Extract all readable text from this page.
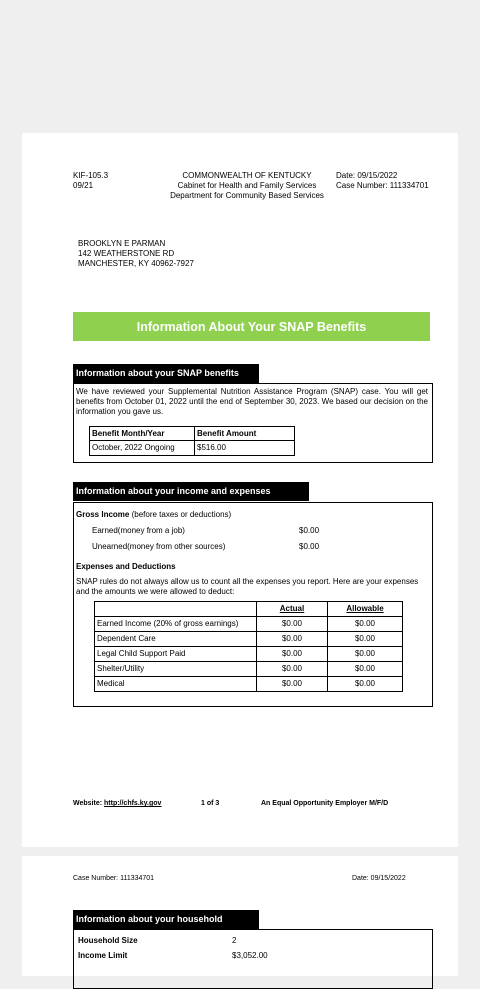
KIF-105.3
09/21
COMMONWEALTH OF KENTUCKY
Cabinet for Health and Family Services
Department for Community Based Services
Date: 09/15/2022
Case Number: 111334701
BROOKLYN E PARMAN
142 WEATHERSTONE RD
MANCHESTER, KY 40962-7927
Information About Your SNAP Benefits
Information about your SNAP benefits
We have reviewed your Supplemental Nutrition Assistance Program (SNAP) case. You will get benefits from October 01, 2022 until the end of September 30, 2023. We based our decision on the information you gave us.
Benefit Month/Year	Benefit Amount
October, 2022 Ongoing	$516.00
Information about your income and expenses
Gross Income (before taxes or deductions)
Earned(money from a job)	$0.00
Unearned(money from other sources)	$0.00
Expenses and Deductions
SNAP rules do not always allow us to count all the expenses you report. Here are your expenses and the amounts we were allowed to deduct:
	Actual	Allowable
Earned Income (20% of gross earnings)	$0.00	$0.00
Dependent Care	$0.00	$0.00
Legal Child Support Paid	$0.00	$0.00
Shelter/Utility	$0.00	$0.00
Medical	$0.00	$0.00
Website: http://chfs.ky.gov	1 of 3	An Equal Opportunity Employer M/F/D
Case Number: 111334701	Date: 09/15/2022
Information about your household
Household Size	2
Income Limit	$3,052.00
